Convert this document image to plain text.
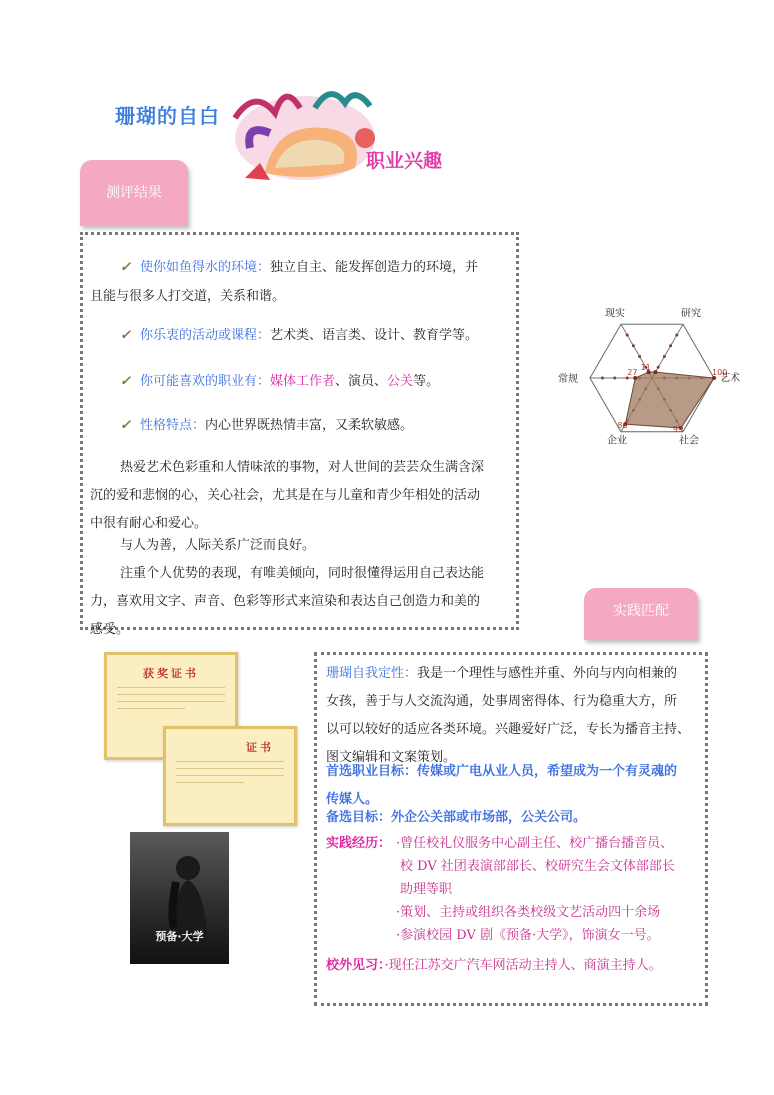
珊瑚的自白
职业兴趣
测评结果
✓ 使你如鱼得水的环境：独立自主、能发挥创造力的环境，并
且能与很多人打交道，关系和谐。
✓ 你乐衷的活动或课程：艺术类、语言类、设计、教育学等。
✓ 你可能喜欢的职业有：媒体工作者、演员、公关等。
✓ 性格特点：内心世界既热情丰富，又柔软敏感。
热爱艺术色彩重和人情味浓的事物，对人世间的芸芸众生满含深
沉的爱和悲悯的心，关心社会，尤其是在与儿童和青少年相处的活动
中很有耐心和爱心。
与人为善，人际关系广泛而良好。
注重个人优势的表现，有唯美倾向，同时很懂得运用自己表达能
力，喜欢用文字、声音、色彩等形式来渲染和表达自己创造力和美的
感受。
11
100
93
86
27
现实	研究
艺术
社会
企业
常规
获奖证书
证书
预备·大学
实践匹配
珊瑚自我定性：我是一个理性与感性并重、外向与内向相兼的
女孩，善于与人交流沟通，处事周密得体、行为稳重大方，所
以可以较好的适应各类环境。兴趣爱好广泛，专长为播音主持、
图文编辑和文案策划。
首选职业目标：传媒或广电从业人员，希望成为一个有灵魂的
传媒人。
备选目标：外企公关部或市场部，公关公司。
实践经历： ·曾任校礼仪服务中心副主任、校广播台播音员、
校 DV 社团表演部部长、校研究生会文体部部长
助理等职
·策划、主持或组织各类校级文艺活动四十余场
·参演校园 DV 剧《预备·大学》，饰演女一号。
校外见习：·现任江苏交广汽车网活动主持人、商演主持人。
